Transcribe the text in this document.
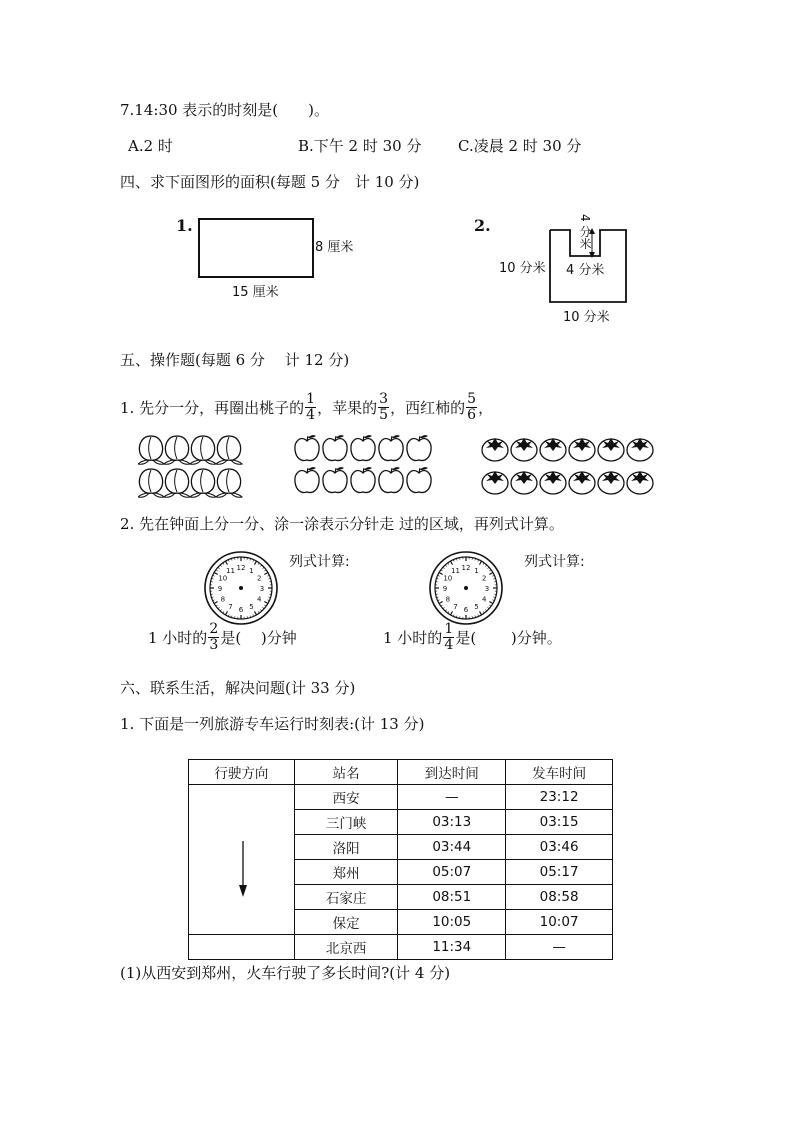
7.14:30 表示的时刻是(　　)。
A.2 时	B.下午 2 时 30 分 C.凌晨 2 时 30 分
四、求下面图形的面积(每题 5 分　计 10 分)
1.
8 厘米
15 厘米
2.	4 分米
4 分米
10 分米
10 分米
五、操作题(每题 6 分　 计 12 分)
1. 先分一分，再圈出桃子的 $\frac{1}{4}$ ，苹果的 $\frac{3}{5}$ ，西红柿的 $\frac{5}{6}$ ，
2. 先在钟面上分一分、涂一涂表示分针走 过的区域，再列式计算。
12 1
2
3
4
5
6
7
8
9
10
11	12 1
2
3
4
5
6
7
8
9
10
11
列式计算:	列式计算:
1 小时的 $\frac{2}{3}$ 是(　 )分钟	1 小时的 $\frac{1}{4}$ 是(　　 )分钟。
六、联系生活，解决问题(计 33 分)
1. 下面是一列旅游专车运行时刻表:(计 13 分)
行驶方向	站名	到达时间	发车时间

	西安	—	23:12
	三门峡	03:13	03:15
	洛阳	03:44	03:46
	郑州	05:07	05:17
	石家庄	08:51	08:58
	保定	10:05	10:07
	北京西	11:34	—
(1)从西安到郑州，火车行驶了多长时间?(计 4 分)
